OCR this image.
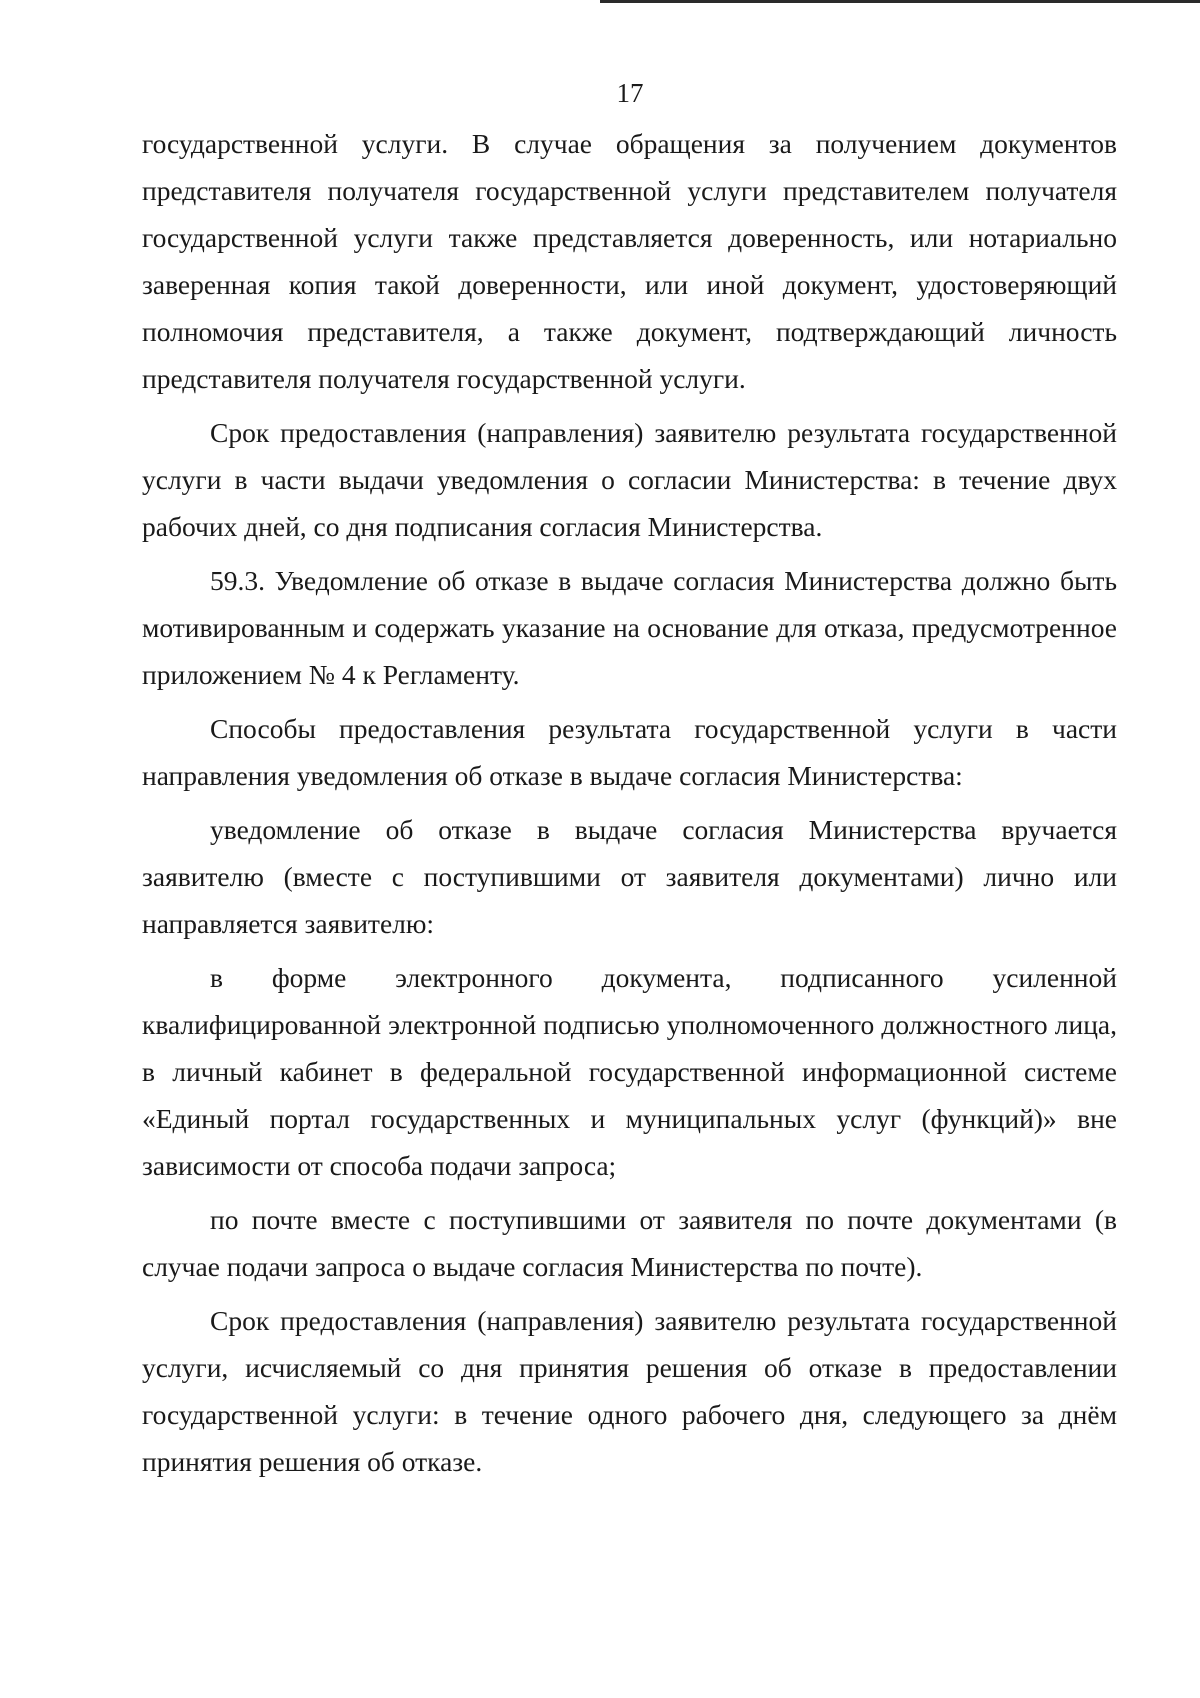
17

государственной услуги. В случае обращения за получением документов представителя получателя государственной услуги представителем получателя государственной услуги также представляется доверенность, или нотариально заверенная копия такой доверенности, или иной документ, удостоверяющий полномочия представителя, а также документ, подтверждающий личность представителя получателя государственной услуги.

Срок предоставления (направления) заявителю результата государственной услуги в части выдачи уведомления о согласии Министерства: в течение двух рабочих дней, со дня подписания согласия Министерства.

59.3. Уведомление об отказе в выдаче согласия Министерства должно быть мотивированным и содержать указание на основание для отказа, предусмотренное приложением № 4 к Регламенту.

Способы предоставления результата государственной услуги в части направления уведомления об отказе в выдаче согласия Министерства:

уведомление об отказе в выдаче согласия Министерства вручается заявителю (вместе с поступившими от заявителя документами) лично или направляется заявителю:

в форме электронного документа, подписанного усиленной квалифицированной электронной подписью уполномоченного должностного лица, в личный кабинет в федеральной государственной информационной системе «Единый портал государственных и муниципальных услуг (функций)» вне зависимости от способа подачи запроса;

по почте вместе с поступившими от заявителя по почте документами (в случае подачи запроса о выдаче согласия Министерства по почте).

Срок предоставления (направления) заявителю результата государственной услуги, исчисляемый со дня принятия решения об отказе в предоставлении государственной услуги: в течение одного рабочего дня, следующего за днём принятия решения об отказе.
